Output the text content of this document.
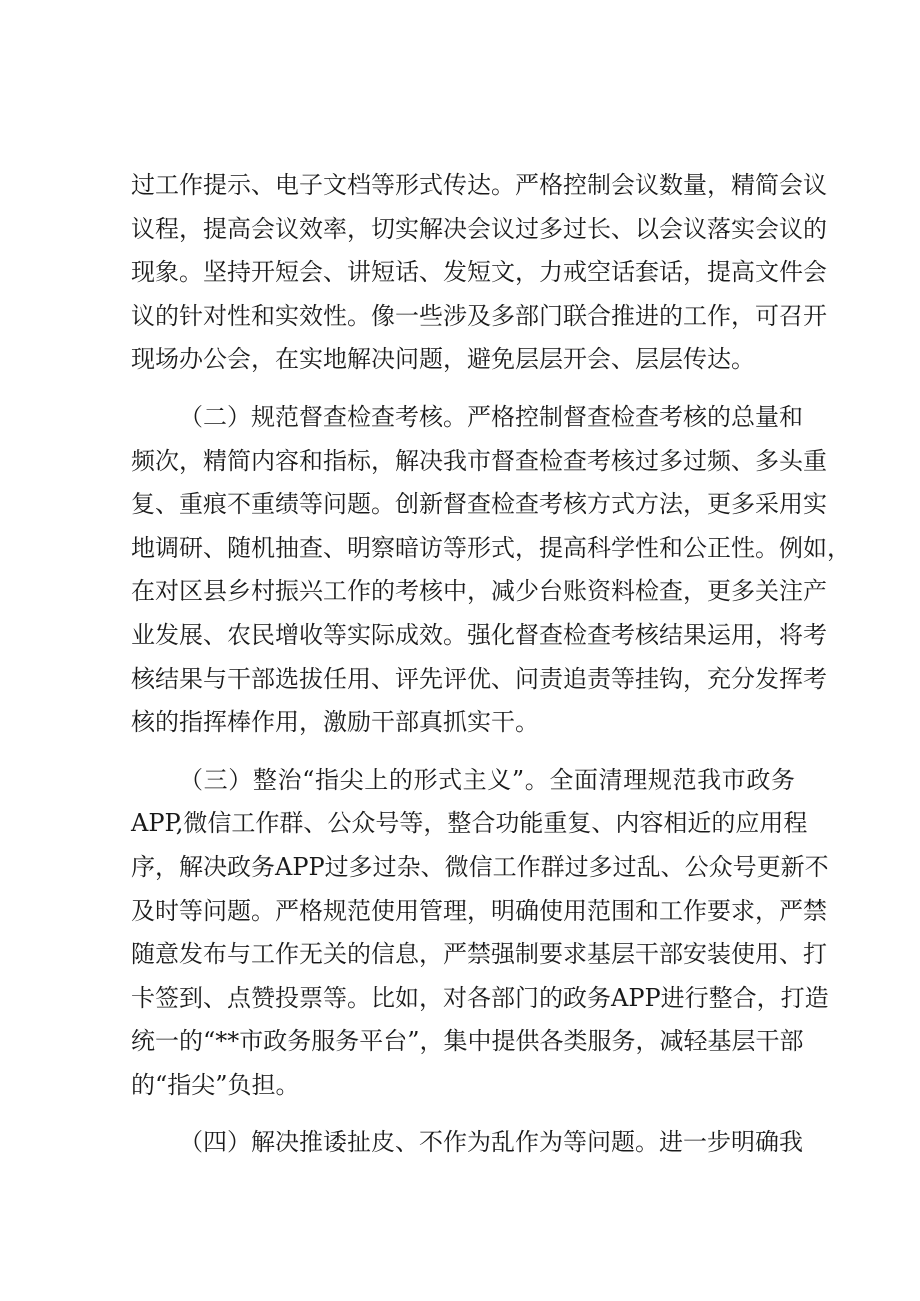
过工作提示、电子文档等形式传达。严格控制会议数量，精简会议
议程，提高会议效率，切实解决会议过多过长、以会议落实会议的
现象。坚持开短会、讲短话、发短文，力戒空话套话，提高文件会
议的针对性和实效性。像一些涉及多部门联合推进的工作，可召开
现场办公会，在实地解决问题，避免层层开会、层层传达。
（二）规范督查检查考核。严格控制督查检查考核的总量和
频次，精简内容和指标，解决我市督查检查考核过多过频、多头重
复、重痕不重绩等问题。创新督查检查考核方式方法，更多采用实
地调研、随机抽查、明察暗访等形式，提高科学性和公正性。例如，
在对区县乡村振兴工作的考核中，减少台账资料检查，更多关注产
业发展、农民增收等实际成效。强化督查检查考核结果运用，将考
核结果与干部选拔任用、评先评优、问责追责等挂钩，充分发挥考
核的指挥棒作用，激励干部真抓实干。
（三）整治“指尖上的形式主义”。全面清理规范我市政务
APP,微信工作群、公众号等，整合功能重复、内容相近的应用程
序，解决政务APP过多过杂、微信工作群过多过乱、公众号更新不
及时等问题。严格规范使用管理，明确使用范围和工作要求，严禁
随意发布与工作无关的信息，严禁强制要求基层干部安装使用、打
卡签到、点赞投票等。比如，对各部门的政务APP进行整合，打造
统一的“**市政务服务平台”，集中提供各类服务，减轻基层干部
的“指尖”负担。
（四）解决推诿扯皮、不作为乱作为等问题。进一步明确我
